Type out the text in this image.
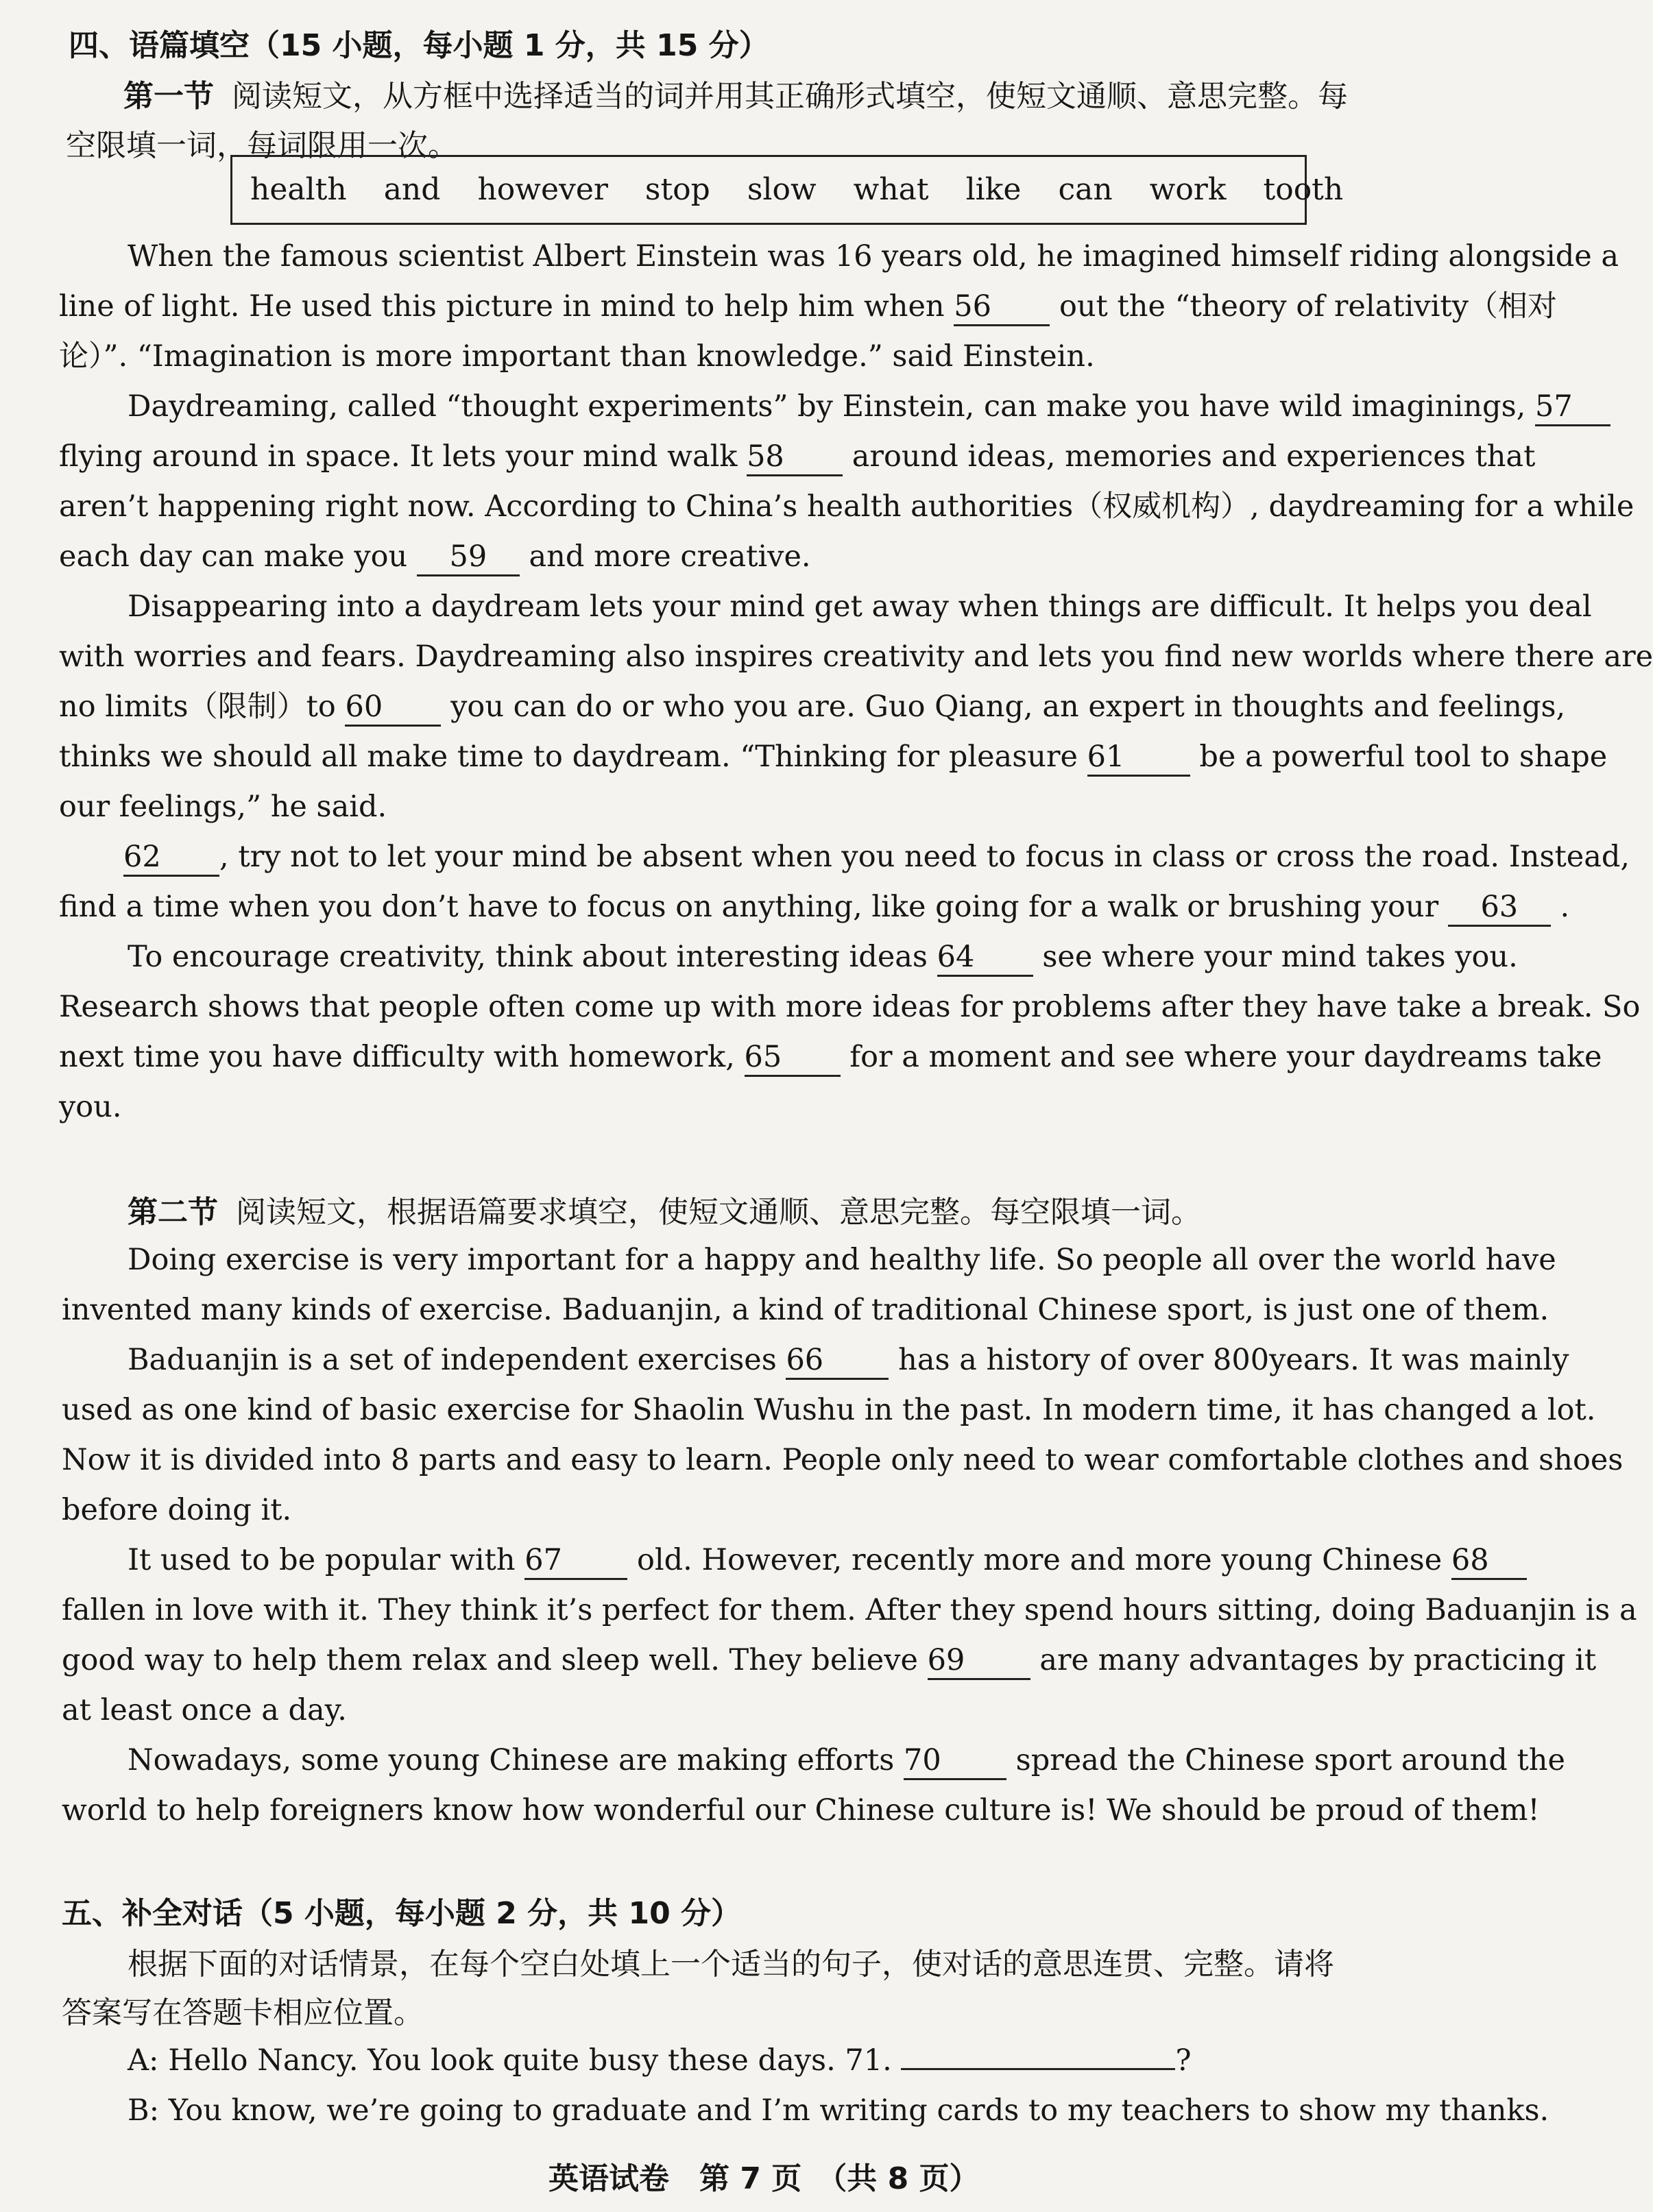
四、语篇填空（15 小题，每小题 1 分，共 15 分）
第一节 阅读短文，从方框中选择适当的词并用其正确形式填空，使短文通顺、意思完整。每
空限填一词，每词限用一次。
health and however stop slow what like can work tooth
When the famous scientist Albert Einstein was 16 years old, he imagined himself riding alongside a
line of light. He used this picture in mind to help him when 56 out the “theory of relativity（相对
论）”. “Imagination is more important than knowledge.” said Einstein.
Daydreaming, called “thought experiments” by Einstein, can make you have wild imaginings, 57
flying around in space. It lets your mind walk 58 around ideas, memories and experiences that
aren’t happening right now. According to China’s health authorities（权威机构）, daydreaming for a while
each day can make you 59 and more creative.
Disappearing into a daydream lets your mind get away when things are difficult. It helps you deal
with worries and fears. Daydreaming also inspires creativity and lets you find new worlds where there are
no limits（限制）to 60 you can do or who you are. Guo Qiang, an expert in thoughts and feelings,
thinks we should all make time to daydream. “Thinking for pleasure 61	be a powerful tool to shape
our feelings,” he said.
62 , try not to let your mind be absent when you need to focus in class or cross the road. Instead,
find a time when you don’t have to focus on anything, like going for a walk or brushing your 63 .
To encourage creativity, think about interesting ideas 64 see where your mind takes you.
Research shows that people often come up with more ideas for problems after they have take a break. So
next time you have difficulty with homework, 65 for a moment and see where your daydreams take
you.
第二节 阅读短文，根据语篇要求填空，使短文通顺、意思完整。每空限填一词。
Doing exercise is very important for a happy and healthy life. So people all over the world have
invented many kinds of exercise. Baduanjin, a kind of traditional Chinese sport, is just one of them.
Baduanjin is a set of independent exercises 66	has a history of over 800years. It was mainly
used as one kind of basic exercise for Shaolin Wushu in the past. In modern time, it has changed a lot.
Now it is divided into 8 parts and easy to learn. People only need to wear comfortable clothes and shoes
before doing it.
It used to be popular with 67	old. However, recently more and more young Chinese 68
fallen in love with it. They think it’s perfect for them. After they spend hours sitting, doing Baduanjin is a
good way to help them relax and sleep well. They believe 69	are many advantages by practicing it
at least once a day.
Nowadays, some young Chinese are making efforts 70	spread the Chinese sport around the
world to help foreigners know how wonderful our Chinese culture is! We should be proud of them!
五、补全对话（5 小题，每小题 2 分，共 10 分）
根据下面的对话情景，在每个空白处填上一个适当的句子，使对话的意思连贯、完整。请将
答案写在答题卡相应位置。
A: Hello Nancy. You look quite busy these days. 71.	?
B: You know, we’re going to graduate and I’m writing cards to my teachers to show my thanks.
英语试卷　第 7 页　（共 8 页）
